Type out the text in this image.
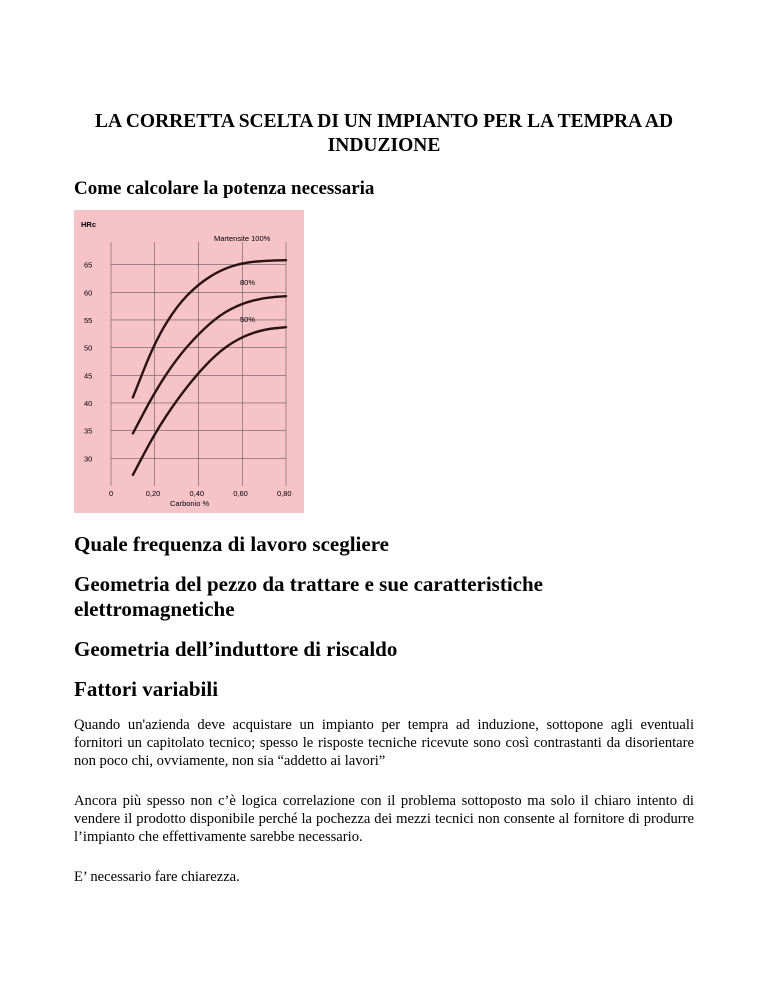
LA CORRETTA SCELTA DI UN IMPIANTO PER LA TEMPRA AD INDUZIONE
Come calcolare la potenza necessaria
30
35
40
45
50
55
60
65
0	0,20	0,40	0,60	0,80
HRc
Carbonio %
Martensite 100%
80%
50%
Quale frequenza di lavoro scegliere
Geometria del pezzo da trattare e sue caratteristiche elettromagnetiche
Geometria dell’induttore di riscaldo
Fattori variabili

Quando un'azienda deve acquistare un impianto per tempra ad induzione, sottopone agli eventuali fornitori un capitolato tecnico; spesso le risposte tecniche ricevute sono così contrastanti da disorientare non poco chi, ovviamente, non sia “addetto ai lavori”

Ancora più spesso non c’è logica correlazione con il problema sottoposto ma solo il chiaro intento di vendere il prodotto disponibile perché la pochezza dei mezzi tecnici non consente al fornitore di produrre l’impianto che effettivamente sarebbe necessario.

E’ necessario fare chiarezza.
